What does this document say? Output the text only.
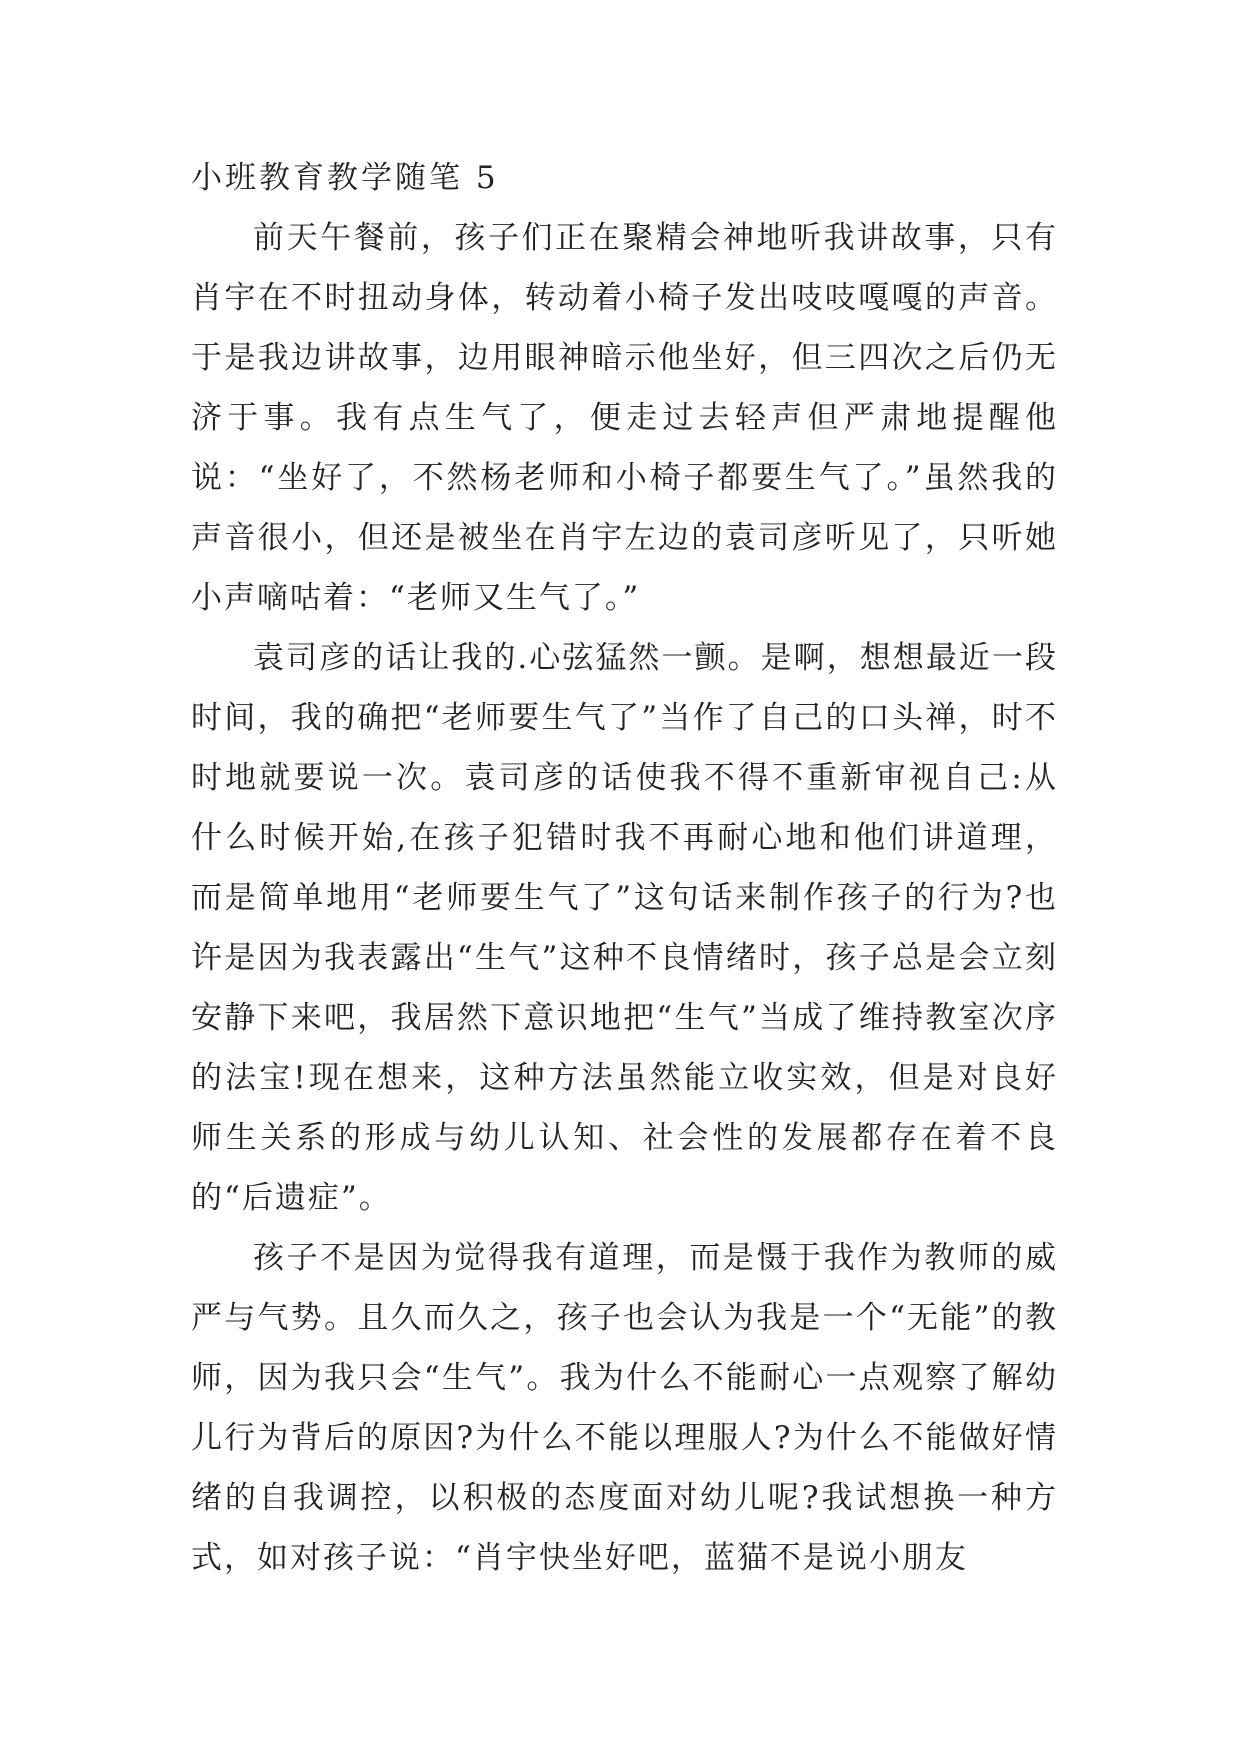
小班教育教学随笔 5

前天午餐前，孩子们正在聚精会神地听我讲故事，只有肖宇在不时扭动身体，转动着小椅子发出吱吱嘎嘎的声音。于是我边讲故事，边用眼神暗示他坐好，但三四次之后仍无济于事。我有点生气了，便走过去轻声但严肃地提醒他说：“坐好了，不然杨老师和小椅子都要生气了。”虽然我的声音很小，但还是被坐在肖宇左边的袁司彦听见了，只听她小声嘀咕着：“老师又生气了。”

袁司彦的话让我的.心弦猛然一颤。是啊，想想最近一段时间，我的确把“老师要生气了”当作了自己的口头禅，时不时地就要说一次。袁司彦的话使我不得不重新审视自己:从什么时候开始,在孩子犯错时我不再耐心地和他们讲道理，而是简单地用“老师要生气了”这句话来制作孩子的行为?也许是因为我表露出“生气”这种不良情绪时，孩子总是会立刻安静下来吧，我居然下意识地把“生气”当成了维持教室次序的法宝!现在想来，这种方法虽然能立收实效，但是对良好师生关系的形成与幼儿认知、社会性的发展都存在着不良的“后遗症”。

孩子不是因为觉得我有道理，而是慑于我作为教师的威严与气势。且久而久之，孩子也会认为我是一个“无能”的教师，因为我只会“生气”。我为什么不能耐心一点观察了解幼儿行为背后的原因?为什么不能以理服人?为什么不能做好情绪的自我调控，以积极的态度面对幼儿呢?我试想换一种方式，如对孩子说：“肖宇快坐好吧，蓝猫不是说小朋友
